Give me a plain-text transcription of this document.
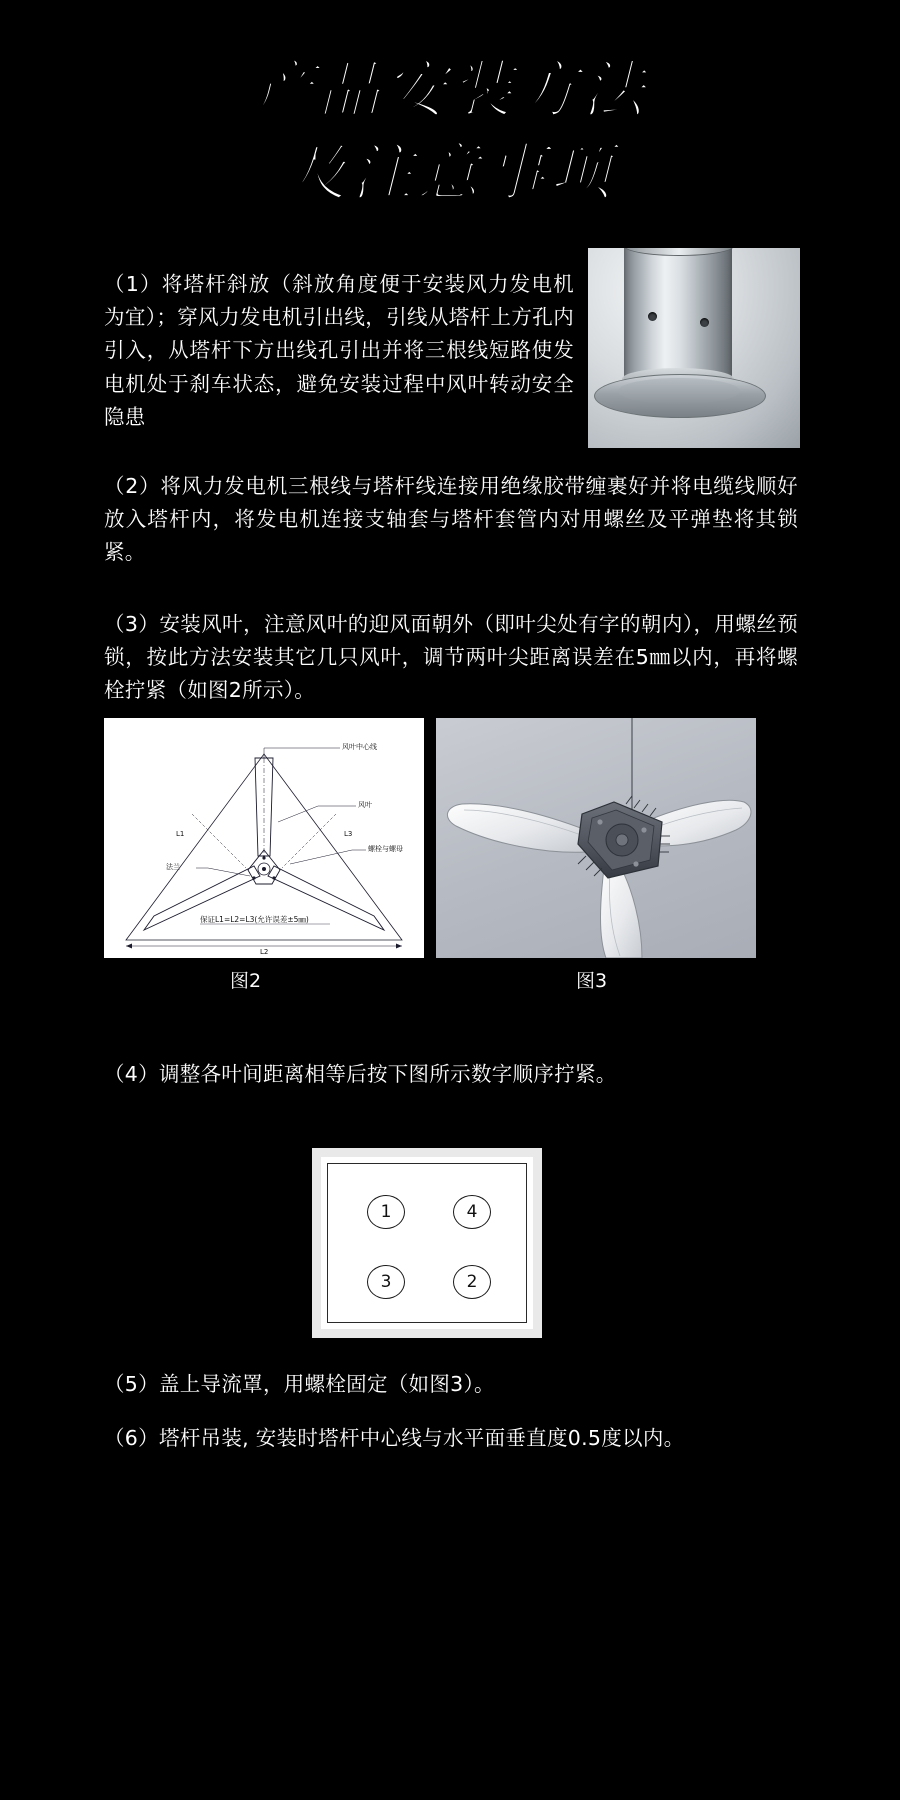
产品安装方法
及注意事项
（1）将塔杆斜放（斜放角度便于安装风力发电机为宜）；穿风力发电机引出线，引线从塔杆上方孔内引入，从塔杆下方出线孔引出并将三根线短路使发电机处于刹车状态，避免安装过程中风叶转动安全隐患
（2）将风力发电机三根线与塔杆线连接用绝缘胶带缠裹好并将电缆线顺好放入塔杆内，将发电机连接支轴套与塔杆套管内对用螺丝及平弹垫将其锁紧。
（3）安装风叶，注意风叶的迎风面朝外（即叶尖处有字的朝内），用螺丝预锁，按此方法安装其它几只风叶，调节两叶尖距离误差在5㎜以内，再将螺栓拧紧（如图2所示）。
风叶中心线
风叶
螺栓与螺母
法兰
L1	L3
L2
保证L1=L2=L3(允许误差±5㎜)
图2	图3
（4）调整各叶间距离相等后按下图所示数字顺序拧紧。
1	4
3	2
（5）盖上导流罩，用螺栓固定（如图3）。
（6）塔杆吊装, 安装时塔杆中心线与水平面垂直度0.5度以内。
